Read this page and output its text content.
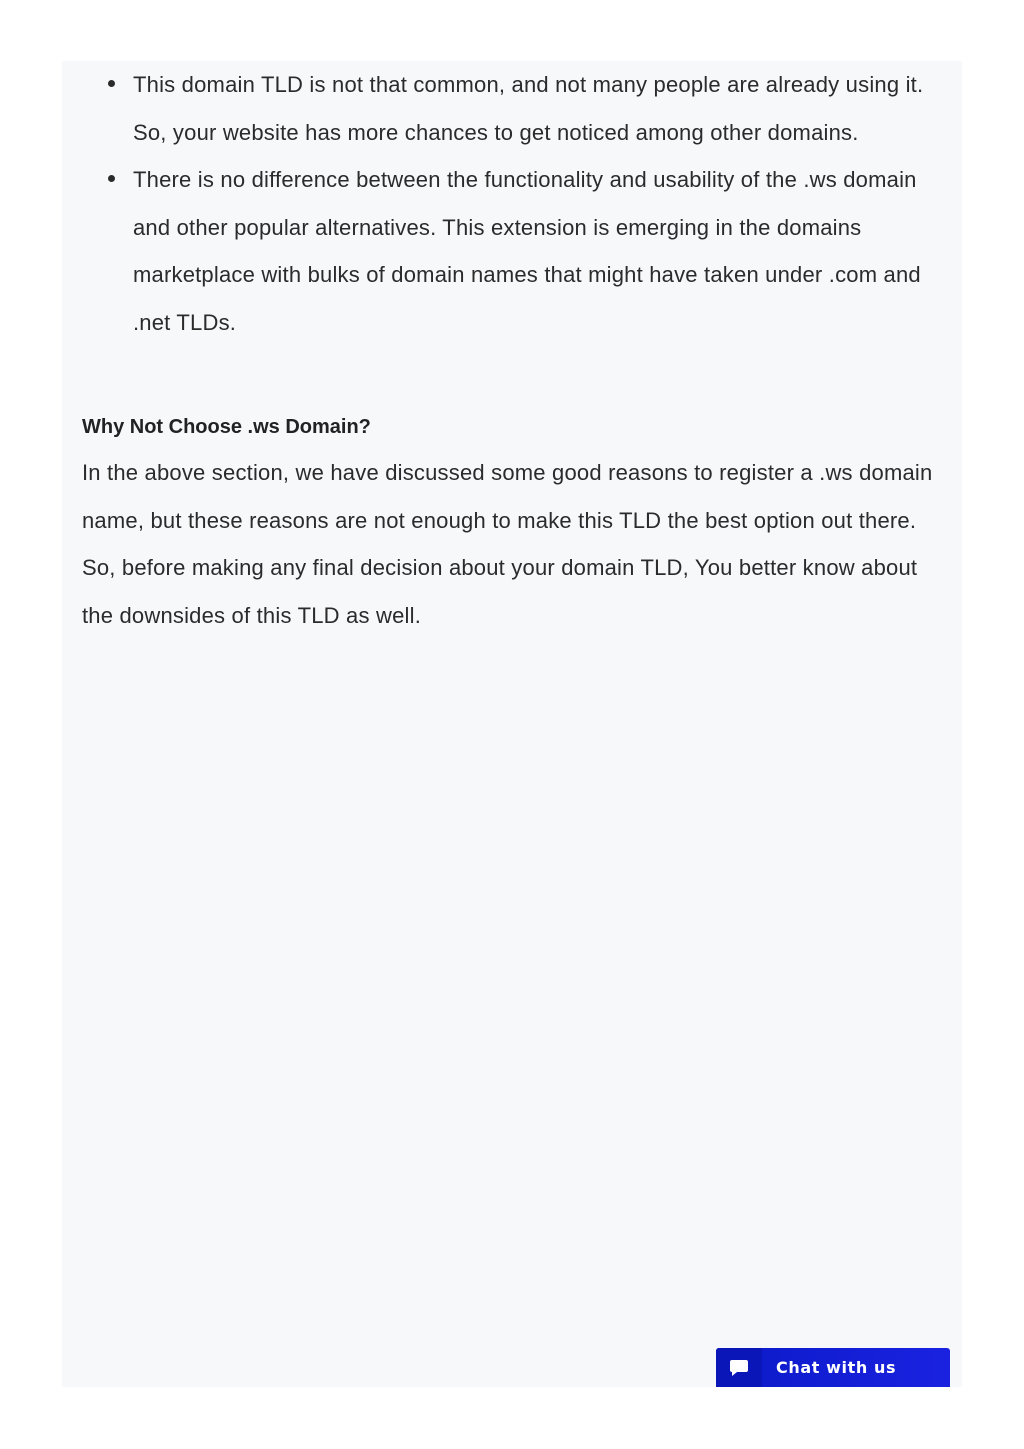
This domain TLD is not that common, and not many people are already using it. So, your website has more chances to get noticed among other domains.
There is no difference between the functionality and usability of the .ws domain and other popular alternatives. This extension is emerging in the domains marketplace with bulks of domain names that might have taken under .com and .net TLDs.
Why Not Choose .ws Domain?

In the above section, we have discussed some good reasons to register a .ws domain name, but these reasons are not enough to make this TLD the best option out there. So, before making any final decision about your domain TLD, You better know about the downsides of this TLD as well.

Chat with us
